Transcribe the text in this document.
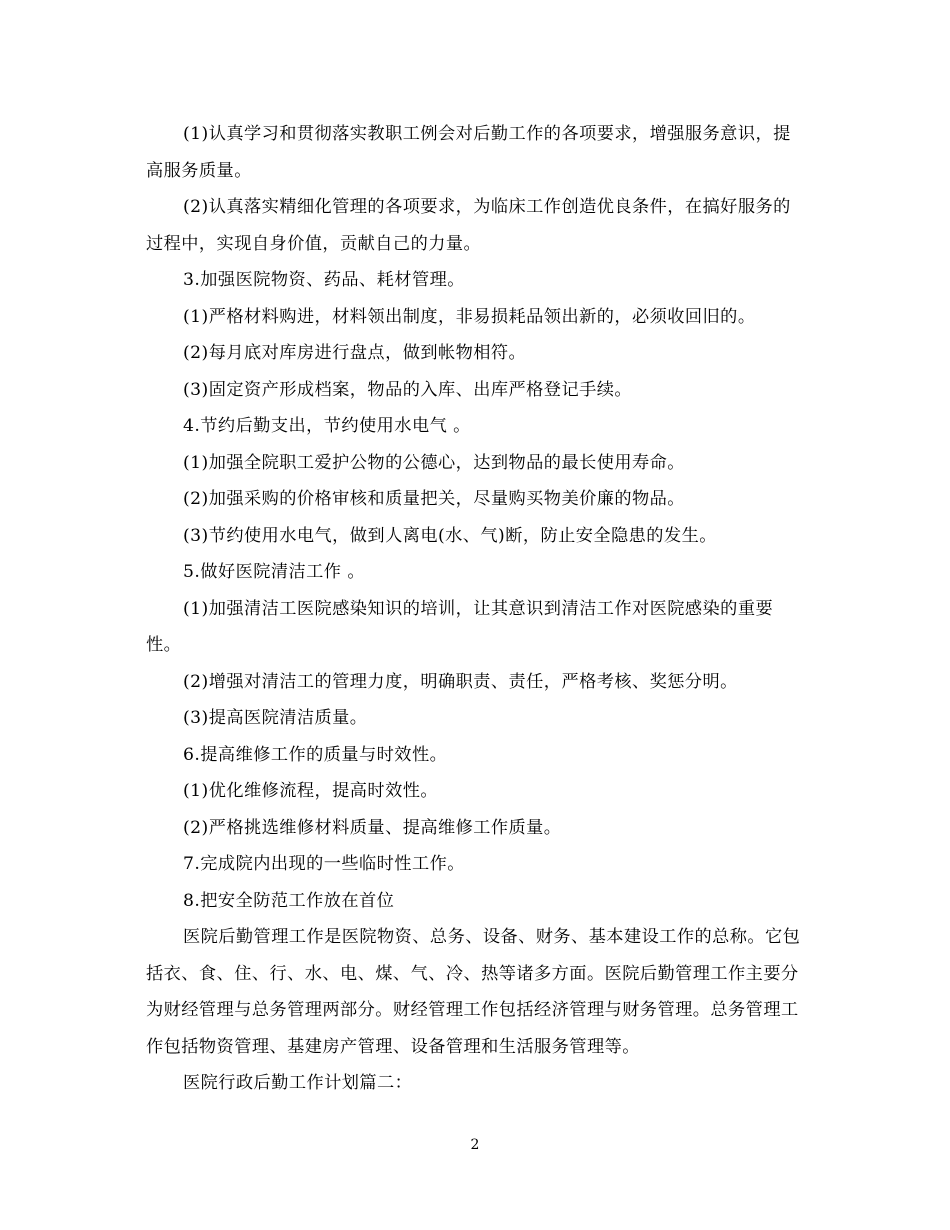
(1)认真学习和贯彻落实教职工例会对后勤工作的各项要求，增强服务意识，提高服务质量。

(2)认真落实精细化管理的各项要求，为临床工作创造优良条件，在搞好服务的过程中，实现自身价值，贡献自己的力量。

3.加强医院物资、药品、耗材管理。

(1)严格材料购进，材料领出制度，非易损耗品领出新的，必须收回旧的。

(2)每月底对库房进行盘点，做到帐物相符。

(3)固定资产形成档案，物品的入库、出库严格登记手续。

4.节约后勤支出，节约使用水电气 。

(1)加强全院职工爱护公物的公德心，达到物品的最长使用寿命。

(2)加强采购的价格审核和质量把关，尽量购买物美价廉的物品。

(3)节约使用水电气，做到人离电(水、气)断，防止安全隐患的发生。

5.做好医院清洁工作 。

(1)加强清洁工医院感染知识的培训，让其意识到清洁工作对医院感染的重要性。

(2)增强对清洁工的管理力度，明确职责、责任，严格考核、奖惩分明。

(3)提高医院清洁质量。

6.提高维修工作的质量与时效性。

(1)优化维修流程，提高时效性。

(2)严格挑选维修材料质量、提高维修工作质量。

7.完成院内出现的一些临时性工作。

8.把安全防范工作放在首位

医院后勤管理工作是医院物资、总务、设备、财务、基本建设工作的总称。它包括衣、食、住、行、水、电、煤、气、冷、热等诸多方面。医院后勤管理工作主要分为财经管理与总务管理两部分。财经管理工作包括经济管理与财务管理。总务管理工作包括物资管理、基建房产管理、设备管理和生活服务管理等。

医院行政后勤工作计划篇二：

2
